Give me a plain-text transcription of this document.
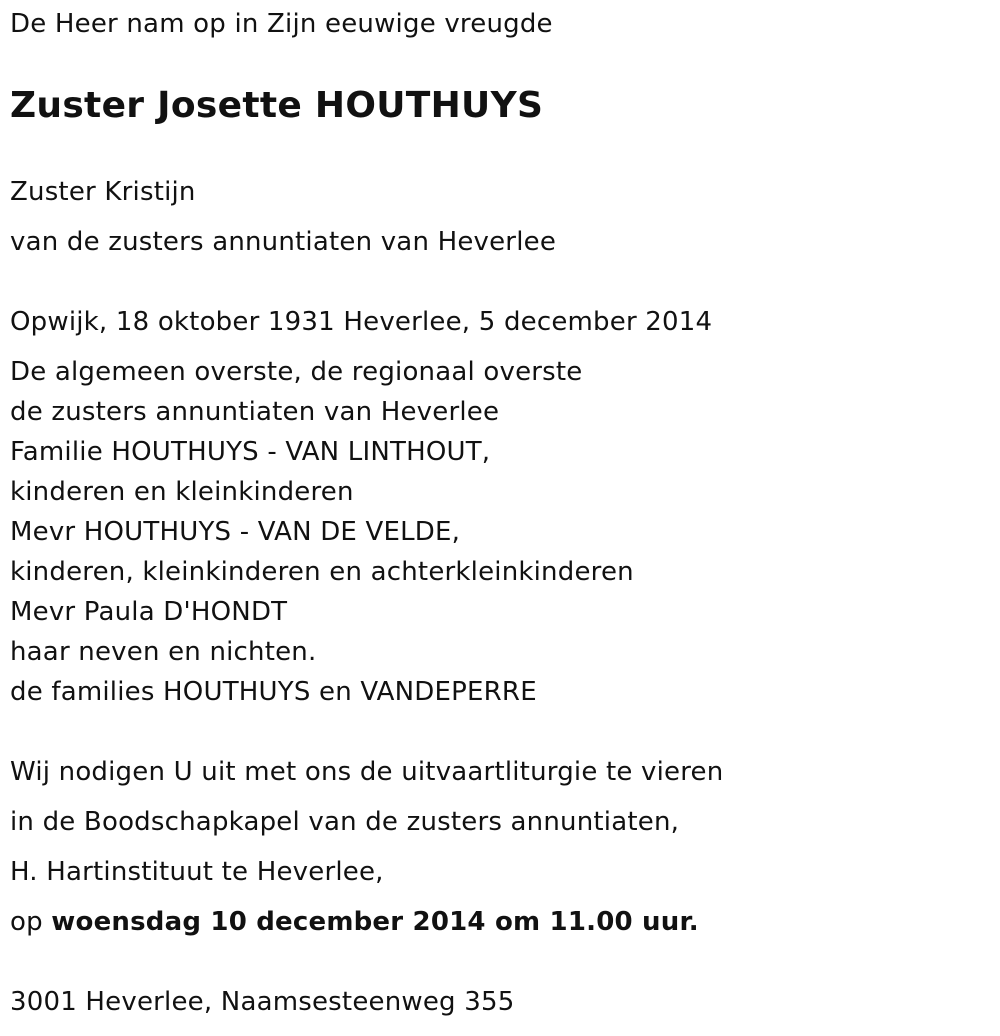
De Heer nam op in Zijn eeuwige vreugde
Zuster Josette HOUTHUYS
Zuster Kristijn
van de zusters annuntiaten van Heverlee
Opwijk, 18 oktober 1931 Heverlee, 5 december 2014
De algemeen overste, de regionaal overste
de zusters annuntiaten van Heverlee
Familie HOUTHUYS - VAN LINTHOUT,
kinderen en kleinkinderen
Mevr HOUTHUYS - VAN DE VELDE,
kinderen, kleinkinderen en achterkleinkinderen
Mevr Paula D'HONDT
haar neven en nichten.
de families HOUTHUYS en VANDEPERRE
Wij nodigen U uit met ons de uitvaartliturgie te vieren
in de Boodschapkapel van de zusters annuntiaten,
H. Hartinstituut te Heverlee,
op woensdag 10 december 2014 om 11.00 uur.
3001 Heverlee, Naamsesteenweg 355
